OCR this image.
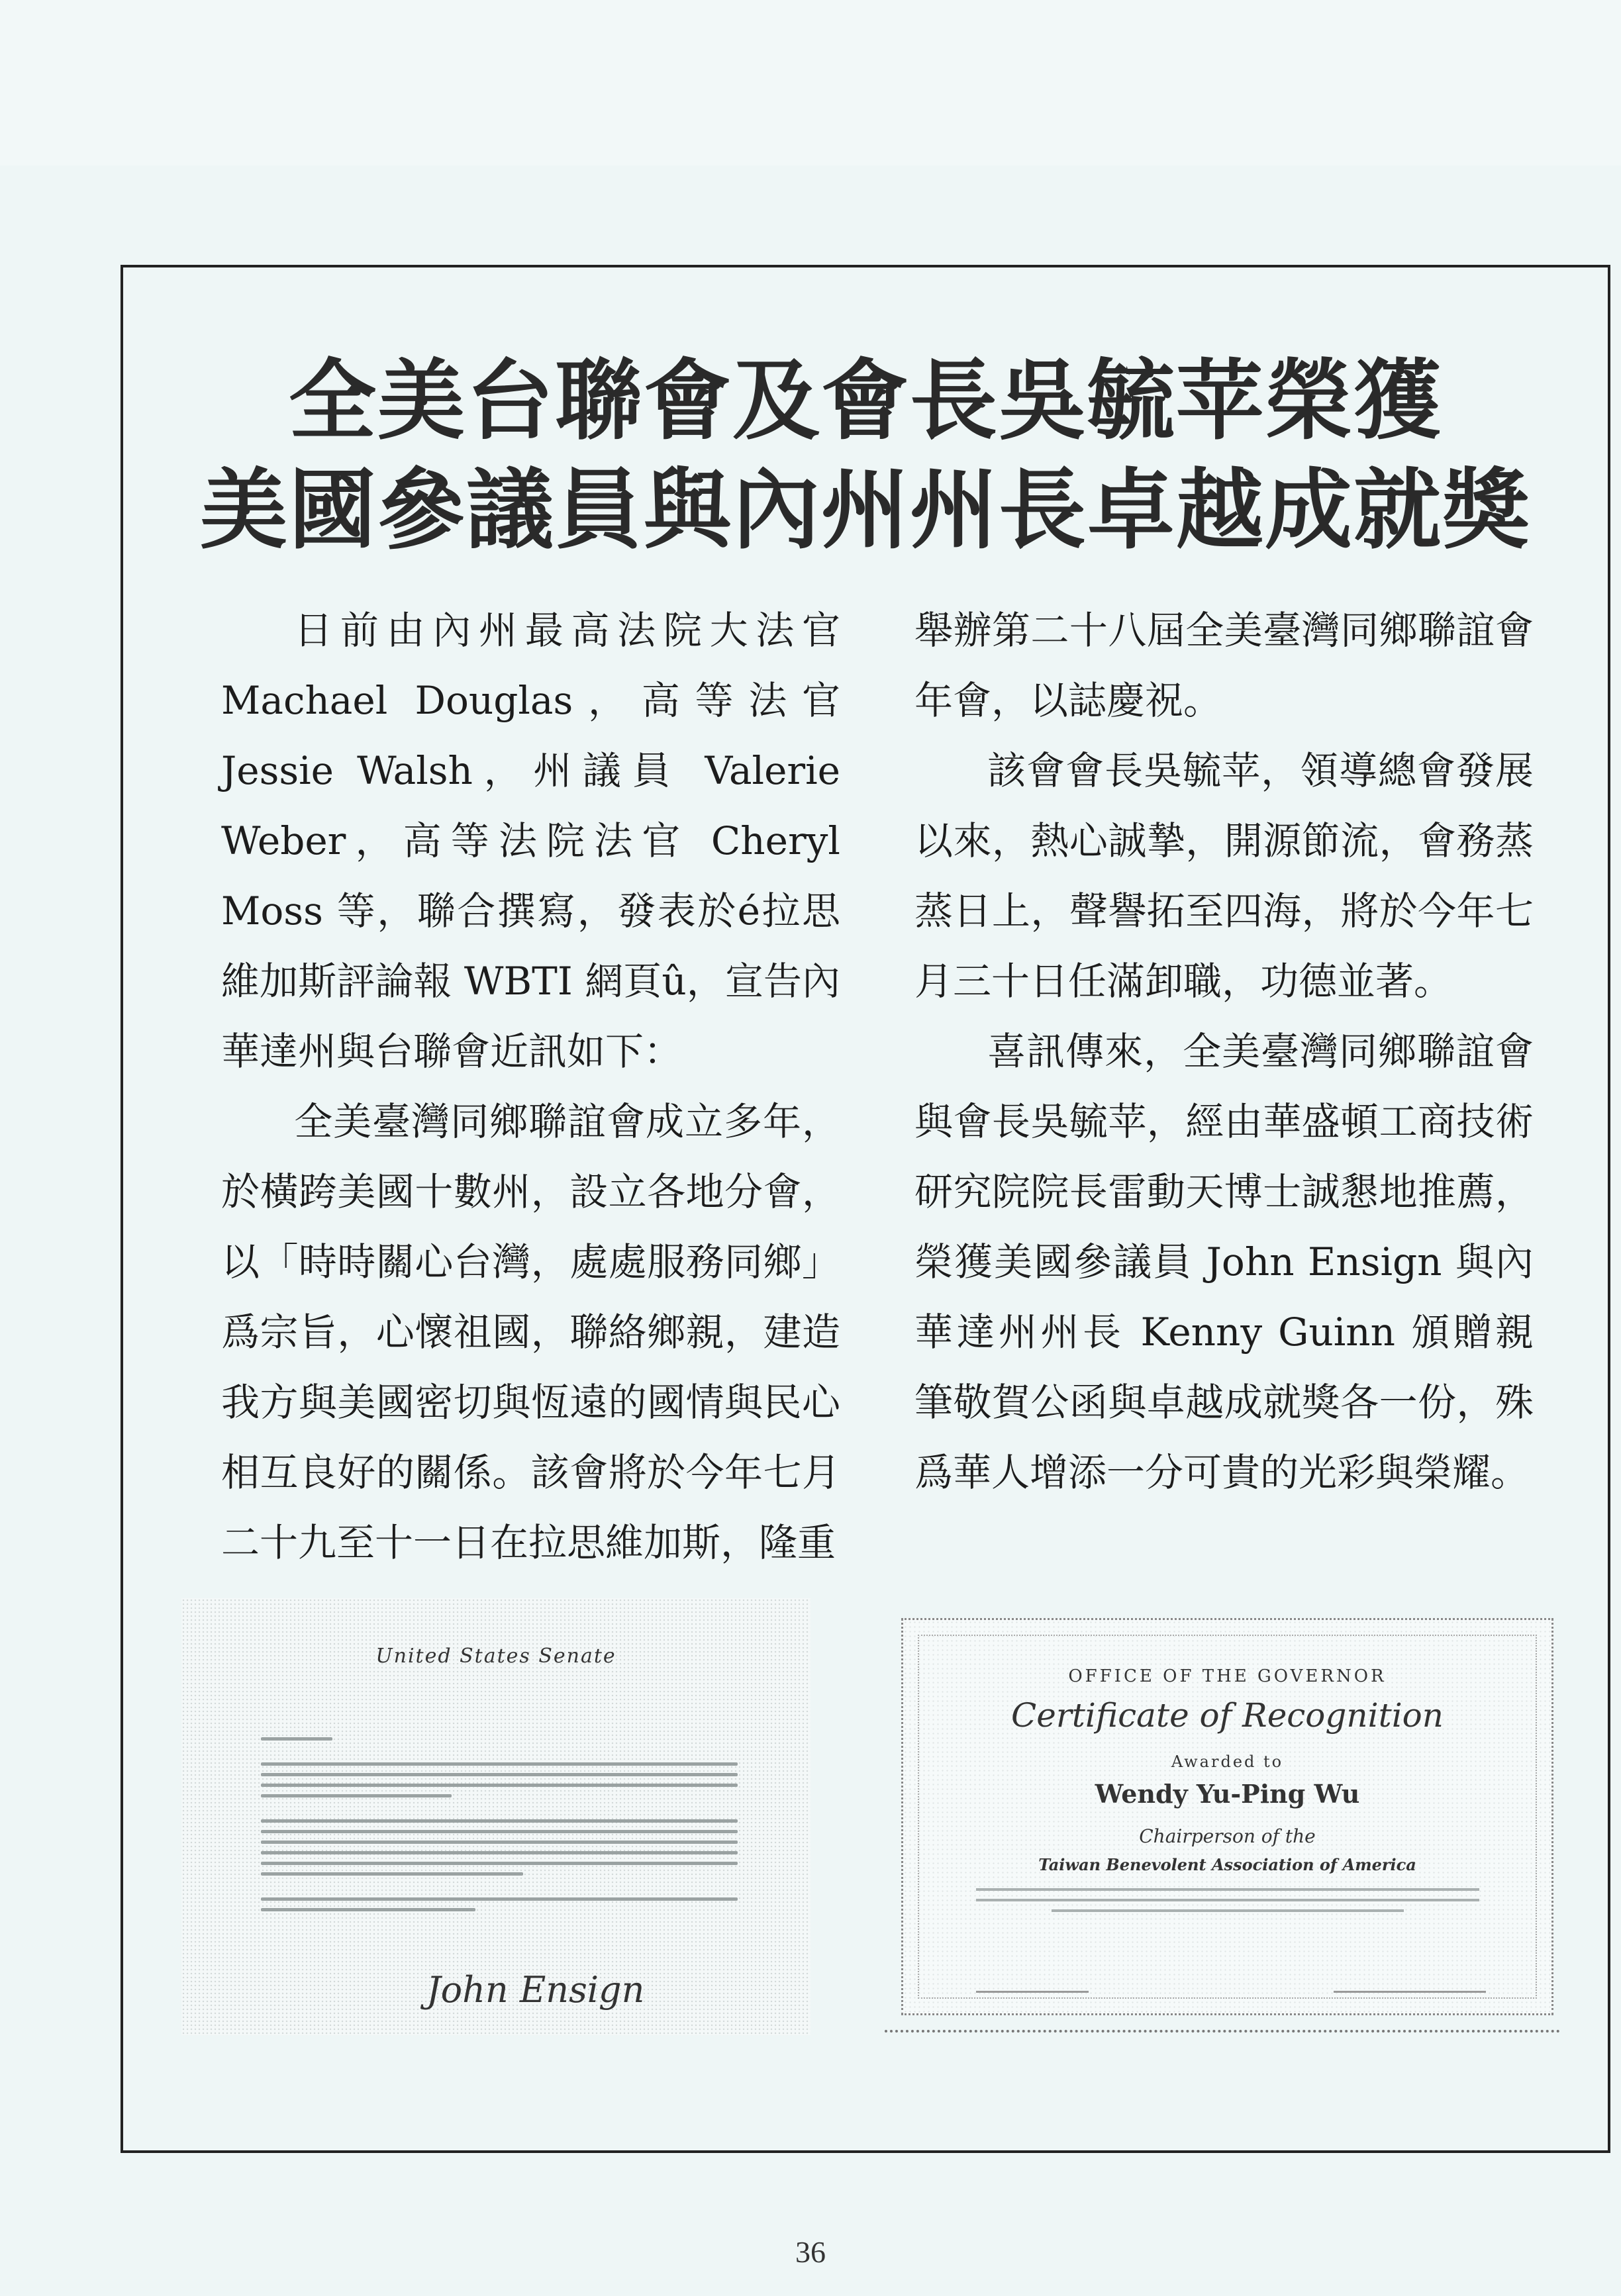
全美台聯會及會長吳毓苹榮獲
美國參議員與內州州長卓越成就獎

日前由內州最高法院大法官 Machael Douglas，高等法官 Jessie Walsh，州議員 Valerie Weber，高等法院法官 Cheryl Moss 等，聯合撰寫，發表於é拉思維加斯評論報 WBTI 網頁û，宣告內華達州與台聯會近訊如下：

全美臺灣同鄉聯誼會成立多年，於橫跨美國十數州，設立各地分會，以「時時關心台灣，處處服務同鄉」爲宗旨，心懷祖國，聯絡鄉親，建造我方與美國密切與恆遠的國情與民心相互良好的關係。該會將於今年七月二十九至十一日在拉思維加斯，隆重

舉辦第二十八屆全美臺灣同鄉聯誼會年會，以誌慶祝。

該會會長吳毓苹，領導總會發展以來，熱心誠摯，開源節流，會務蒸蒸日上，聲譽拓至四海，將於今年七月三十日任滿卸職，功德並著。

喜訊傳來，全美臺灣同鄉聯誼會與會長吳毓苹，經由華盛頓工商技術研究院院長雷動天博士誠懇地推薦，榮獲美國參議員 John Ensign 與內華達州州長 Kenny Guinn 頒贈親筆敬賀公函與卓越成就獎各一份，殊爲華人增添一分可貴的光彩與榮耀。

United States Senate
John Ensign
OFFICE OF THE GOVERNOR
Certificate of Recognition
Awarded to
Wendy Yu-Ping Wu
Chairperson of the
Taiwan Benevolent Association of America
36
